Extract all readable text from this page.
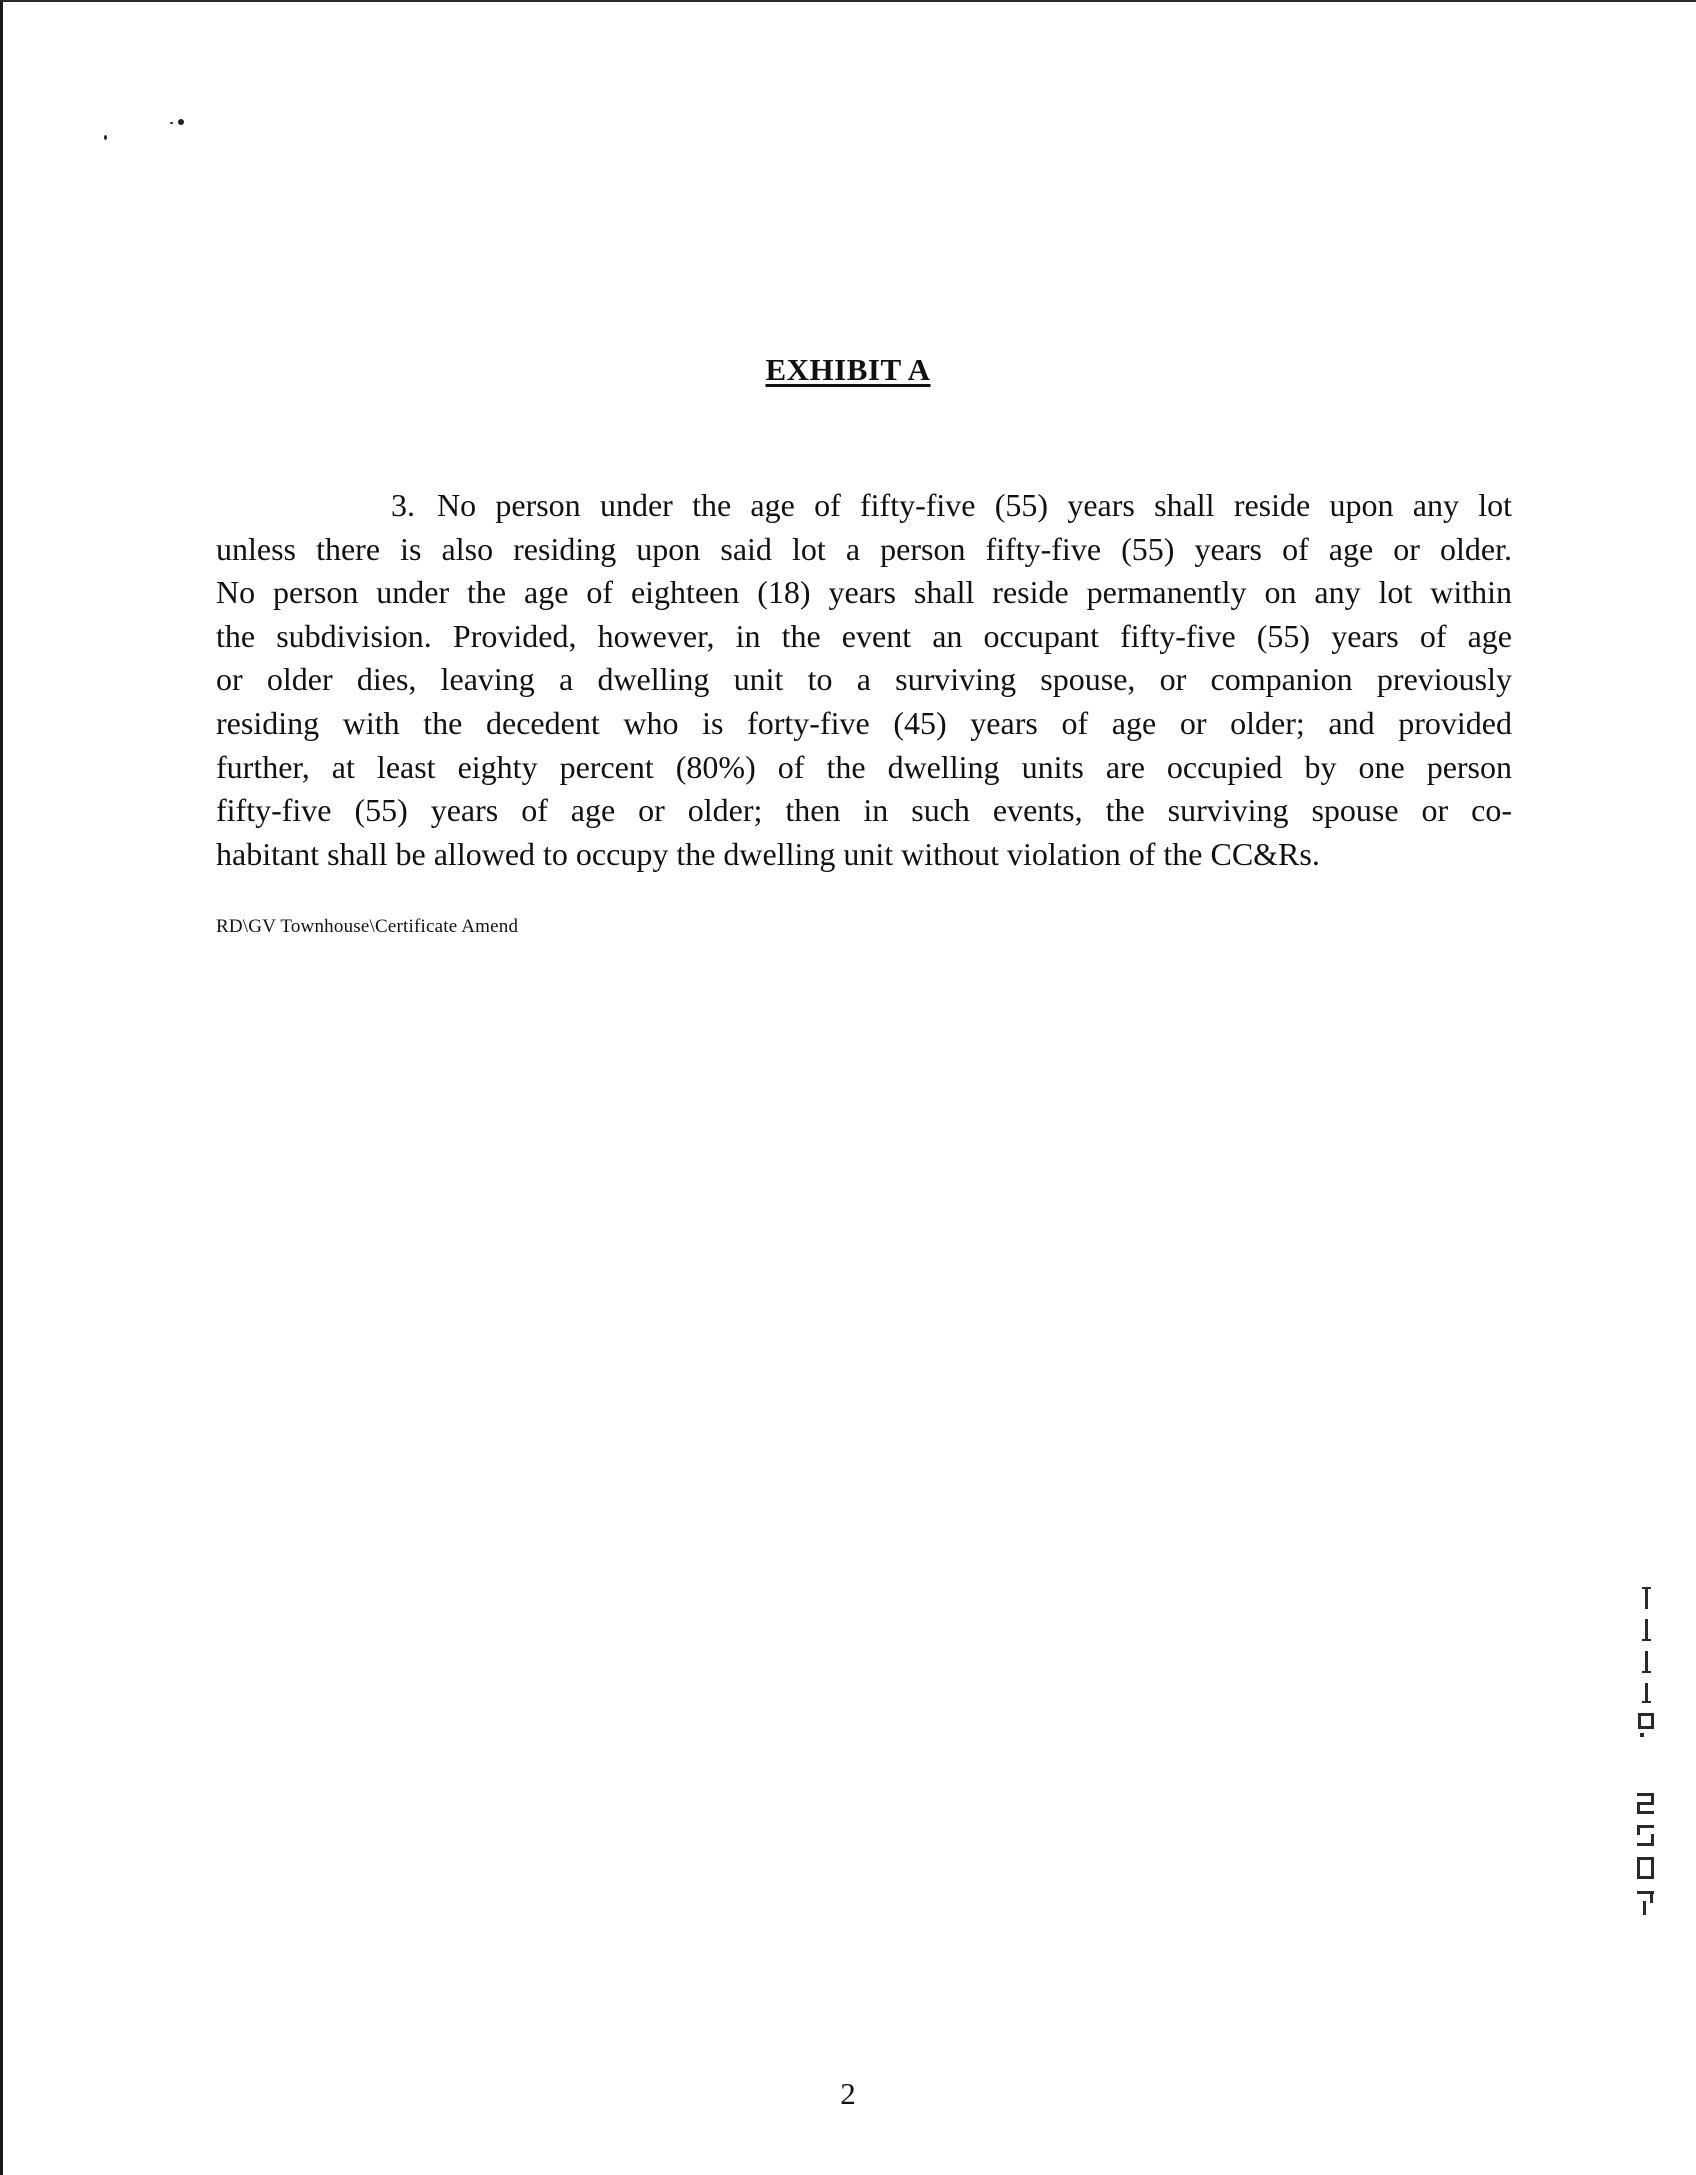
EXHIBIT A
3. No person under the age of fifty-five (55) years shall reside upon any lot
unless there is also residing upon said lot a person fifty-five (55) years of age or older.
No person under the age of eighteen (18) years shall reside permanently on any lot within
the subdivision. Provided, however, in the event an occupant fifty-five (55) years of age
or older dies, leaving a dwelling unit to a surviving spouse, or companion previously
residing with the decedent who is forty-five (45) years of age or older; and provided
further, at least eighty percent (80%) of the dwelling units are occupied by one person
fifty-five (55) years of age or older; then in such events, the surviving spouse or co-
habitant shall be allowed to occupy the dwelling unit without violation of the CC&Rs.
RD\GV Townhouse\Certificate Amend
2
